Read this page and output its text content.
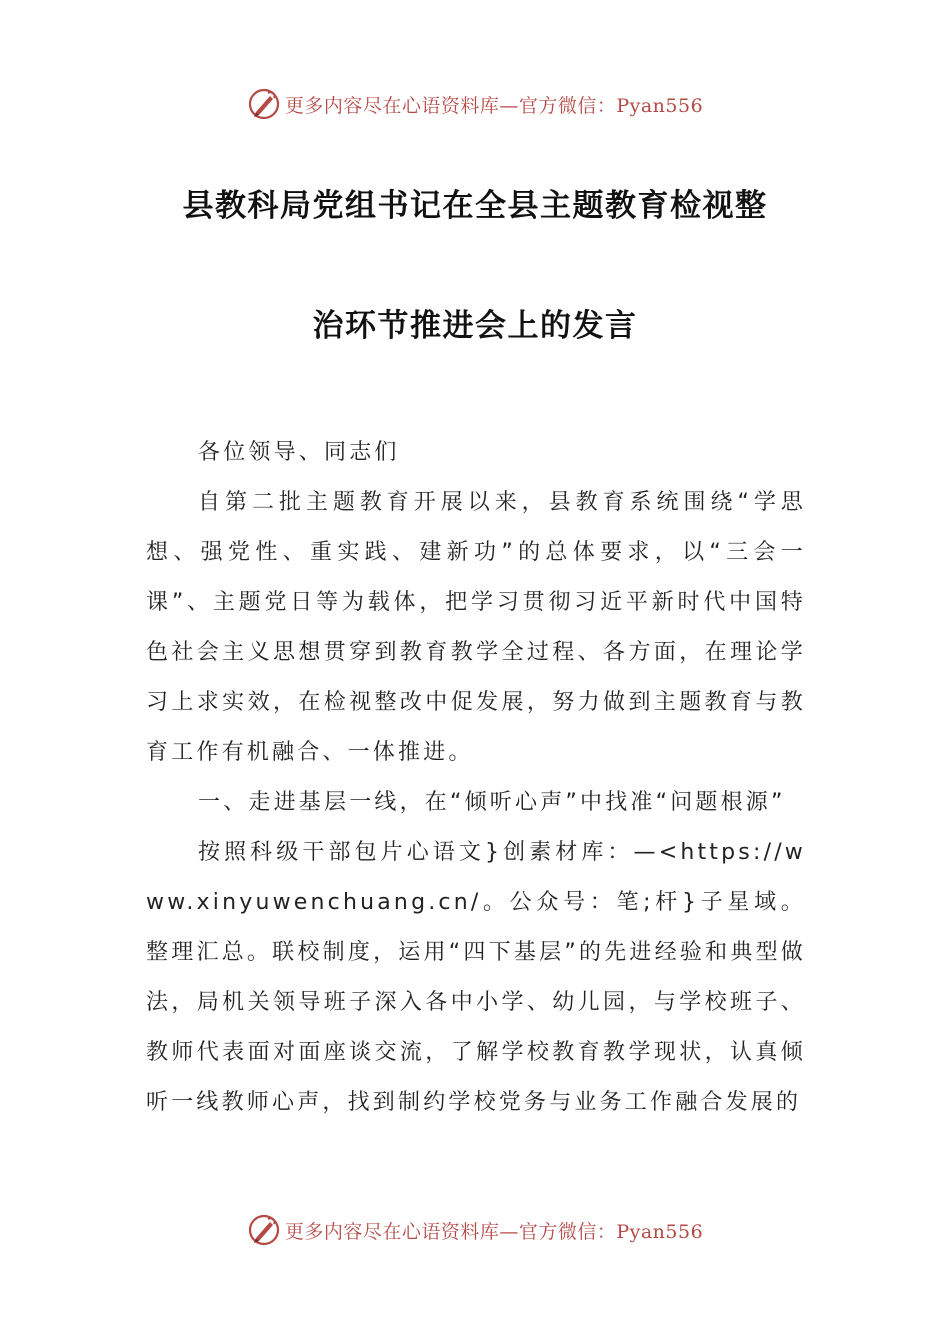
更多内容尽在心语资料库—官方微信：Pyan556
县教科局党组书记在全县主题教育检视整
治环节推进会上的发言

各位领导、同志们

自第二批主题教育开展以来，县教育系统围绕“学思想、强党性、重实践、建新功”的总体要求，以“三会一课”、主题党日等为载体，把学习贯彻习近平新时代中国特色社会主义思想贯穿到教育教学全过程、各方面，在理论学习上求实效，在检视整改中促发展，努力做到主题教育与教育工作有机融合、一体推进。

一、走进基层一线，在“倾听心声”中找准“问题根源”

按照科级干部包片心语文}创素材库：—<https://www.xinyuwenchuang.cn/。公众号：笔;杆}子星域。整理汇总。联校制度，运用“四下基层”的先进经验和典型做法，局机关领导班子深入各中小学、幼儿园，与学校班子、教师代表面对面座谈交流，了解学校教育教学现状，认真倾听一线教师心声，找到制约学校党务与业务工作融合发展的

更多内容尽在心语资料库—官方微信：Pyan556
